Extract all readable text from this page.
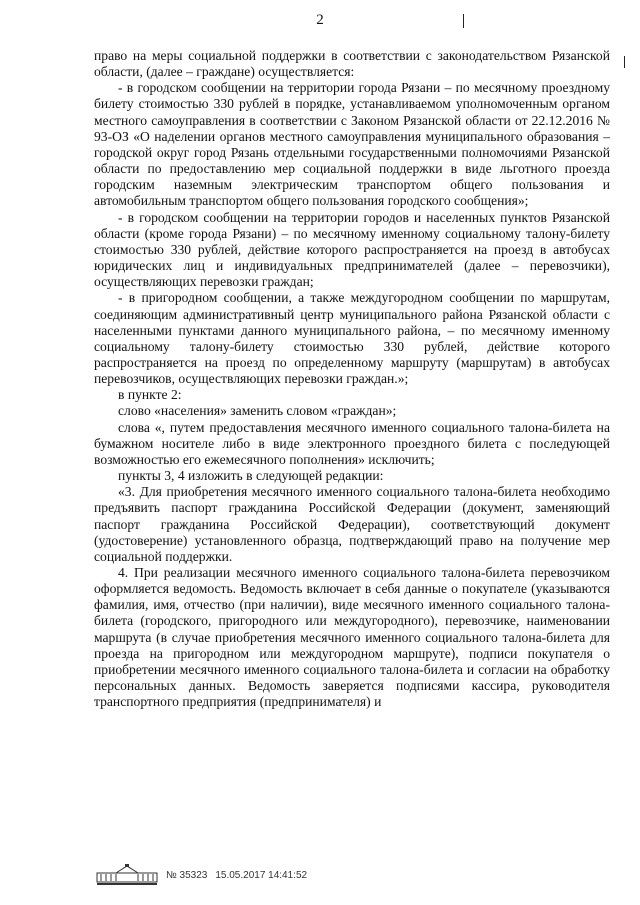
2

право на меры социальной поддержки в соответствии с законодательством Рязанской области, (далее – граждане) осуществляется:

- в городском сообщении на территории города Рязани – по месячному проездному билету стоимостью 330 рублей в порядке, устанавливаемом уполномоченным органом местного самоуправления в соответствии с Законом Рязанской области от 22.12.2016 № 93-ОЗ «О наделении органов местного самоуправления муниципального образования – городской округ город Рязань отдельными государственными полномочиями Рязанской области по предоставлению мер социальной поддержки в виде льготного проезда городским наземным электрическим транспортом общего пользования и автомобильным транспортом общего пользования городского сообщения»;

- в городском сообщении на территории городов и населенных пунктов Рязанской области (кроме города Рязани) – по месячному именному социальному талону-билету стоимостью 330 рублей, действие которого распространяется на проезд в автобусах юридических лиц и индивидуальных предпринимателей (далее – перевозчики), осуществляющих перевозки граждан;

- в пригородном сообщении, а также междугородном сообщении по маршрутам, соединяющим административный центр муниципального района Рязанской области с населенными пунктами данного муниципального района, – по месячному именному социальному талону-билету стоимостью 330 рублей, действие которого распространяется на проезд по определенному маршруту (маршрутам) в автобусах перевозчиков, осуществляющих перевозки граждан.»;

в пункте 2:

слово «населения» заменить словом «граждан»;

слова «, путем предоставления месячного именного социального талона-билета на бумажном носителе либо в виде электронного проездного билета с последующей возможностью его ежемесячного пополнения» исключить;

пункты 3, 4 изложить в следующей редакции:

«3. Для приобретения месячного именного социального талона-билета необходимо предъявить паспорт гражданина Российской Федерации (документ, заменяющий паспорт гражданина Российской Федерации), соответствующий документ (удостоверение) установленного образца, подтверждающий право на получение мер социальной поддержки.

4. При реализации месячного именного социального талона-билета перевозчиком оформляется ведомость. Ведомость включает в себя данные о покупателе (указываются фамилия, имя, отчество (при наличии), виде месячного именного социального талона-билета (городского, пригородного или междугородного), перевозчике, наименовании маршрута (в случае приобретения месячного именного социального талона-билета для проезда на пригородном или междугородном маршруте), подписи покупателя о приобретении месячного именного социального талона-билета и согласии на обработку персональных данных. Ведомость заверяется подписями кассира, руководителя транспортного предприятия (предпринимателя) и

№ 35323 15.05.2017 14:41:52
